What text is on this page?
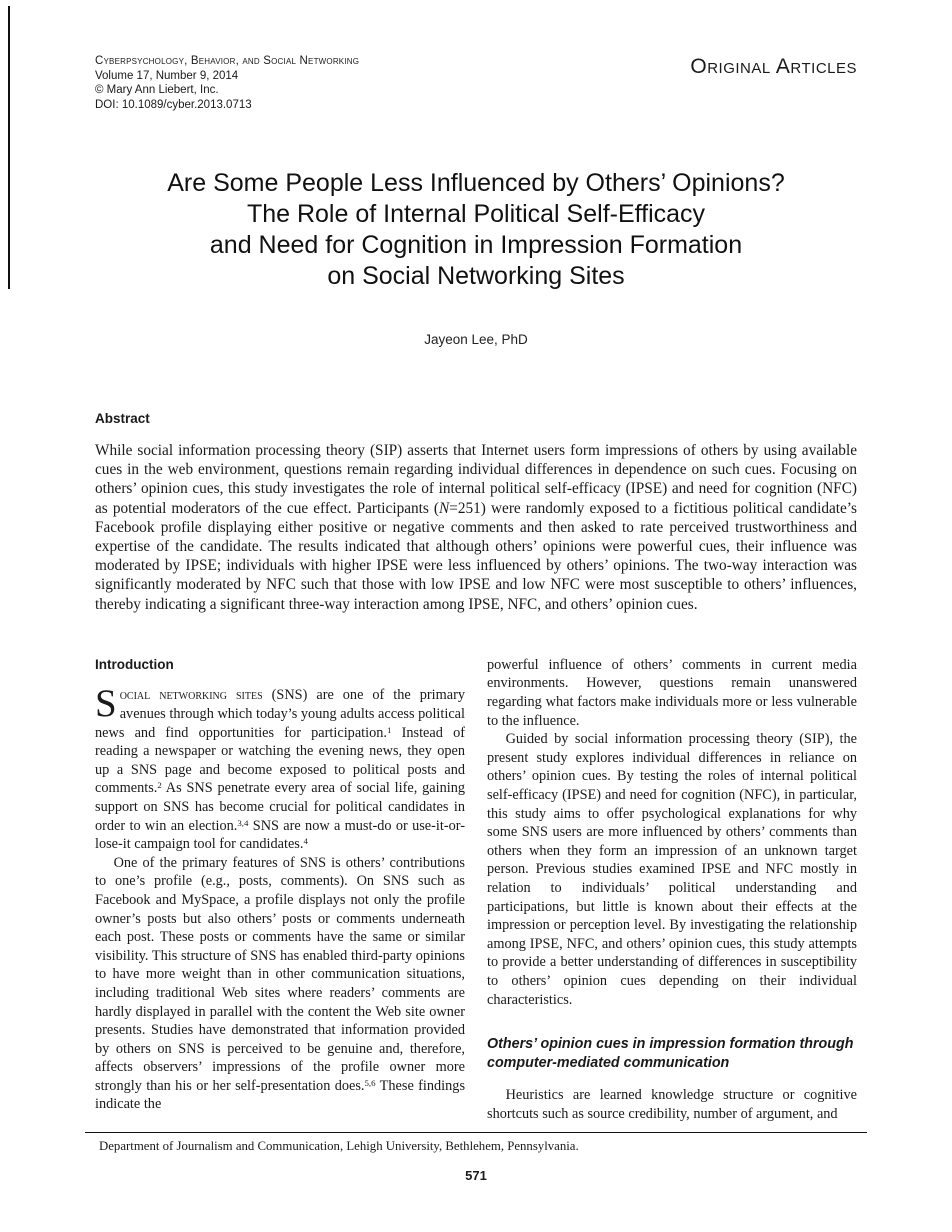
Cyberpsychology, Behavior, and Social Networking
Volume 17, Number 9, 2014
© Mary Ann Liebert, Inc.
DOI: 10.1089/cyber.2013.0713
Original Articles
Are Some People Less Influenced by Others’ Opinions?
The Role of Internal Political Self-Efficacy
and Need for Cognition in Impression Formation
on Social Networking Sites
Jayeon Lee, PhD
Abstract

While social information processing theory (SIP) asserts that Internet users form impressions of others by using available cues in the web environment, questions remain regarding individual differences in dependence on such cues. Focusing on others’ opinion cues, this study investigates the role of internal political self-efficacy (IPSE) and need for cognition (NFC) as potential moderators of the cue effect. Participants (N=251) were randomly exposed to a fictitious political candidate’s Facebook profile displaying either positive or negative comments and then asked to rate perceived trustworthiness and expertise of the candidate. The results indicated that although others’ opinions were powerful cues, their influence was moderated by IPSE; individuals with higher IPSE were less influenced by others’ opinions. The two-way interaction was significantly moderated by NFC such that those with low IPSE and low NFC were most susceptible to others’ influences, thereby indicating a significant three-way interaction among IPSE, NFC, and others’ opinion cues.

Introduction

Social networking sites (SNS) are one of the primary avenues through which today’s young adults access political news and find opportunities for participation.$^1$ Instead of reading a newspaper or watching the evening news, they open up a SNS page and become exposed to political posts and comments.$^2$ As SNS penetrate every area of social life, gaining support on SNS has become crucial for political candidates in order to win an election.$^{3,4}$ SNS are now a must-do or use-it-or-lose-it campaign tool for candidates.$^4$

One of the primary features of SNS is others’ contributions to one’s profile (e.g., posts, comments). On SNS such as Facebook and MySpace, a profile displays not only the profile owner’s posts but also others’ posts or comments underneath each post. These posts or comments have the same or similar visibility. This structure of SNS has enabled third-party opinions to have more weight than in other communication situations, including traditional Web sites where readers’ comments are hardly displayed in parallel with the content the Web site owner presents. Studies have demonstrated that information provided by others on SNS is perceived to be genuine and, therefore, affects observers’ impressions of the profile owner more strongly than his or her self-presentation does.$^{5,6}$ These findings indicate the

powerful influence of others’ comments in current media environments. However, questions remain unanswered regarding what factors make individuals more or less vulnerable to the influence.

Guided by social information processing theory (SIP), the present study explores individual differences in reliance on others’ opinion cues. By testing the roles of internal political self-efficacy (IPSE) and need for cognition (NFC), in particular, this study aims to offer psychological explanations for why some SNS users are more influenced by others’ comments than others when they form an impression of an unknown target person. Previous studies examined IPSE and NFC mostly in relation to individuals’ political understanding and participations, but little is known about their effects at the impression or perception level. By investigating the relationship among IPSE, NFC, and others’ opinion cues, this study attempts to provide a better understanding of differences in susceptibility to others’ opinion cues depending on their individual characteristics.

Others’ opinion cues in impression formation through computer-mediated communication

Heuristics are learned knowledge structure or cognitive shortcuts such as source credibility, number of argument, and

Department of Journalism and Communication, Lehigh University, Bethlehem, Pennsylvania.
571
